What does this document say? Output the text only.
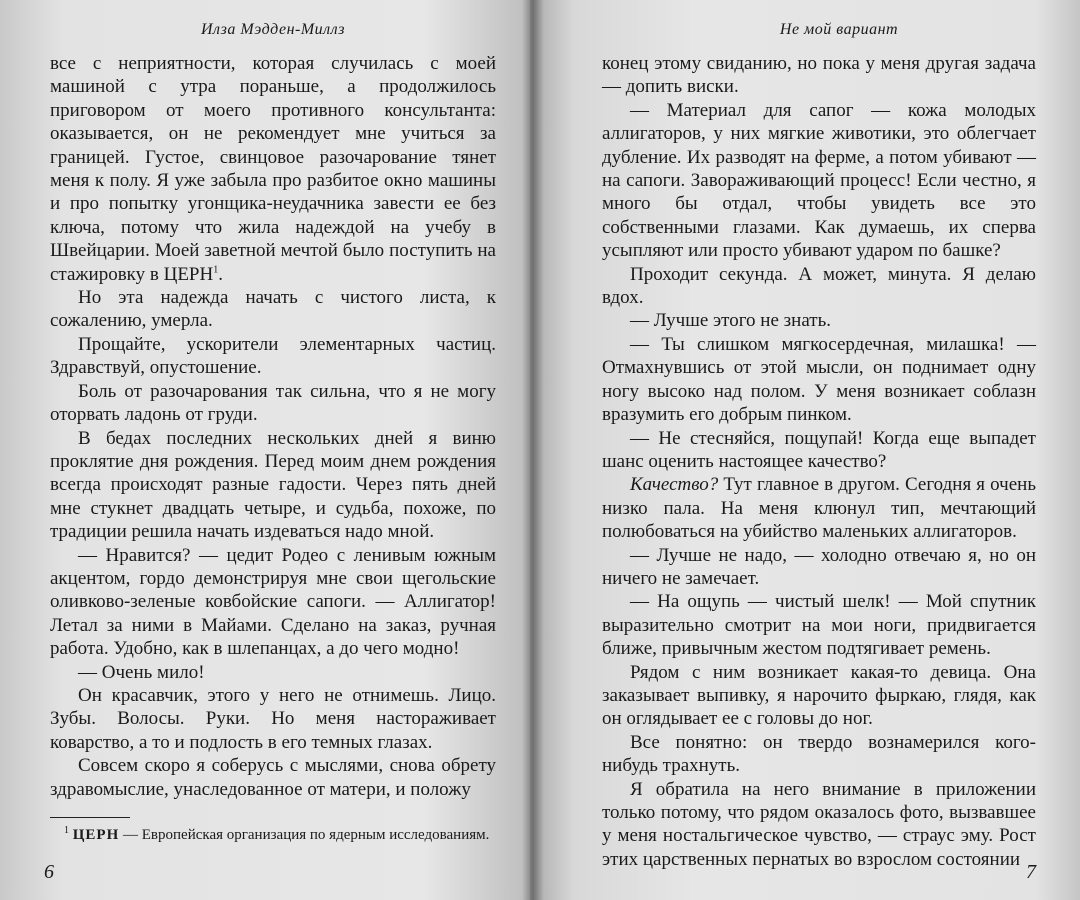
Илза Мэдден-Миллз

все с неприятности, которая случилась с моей машиной с утра пораньше, а продолжилось приговором от моего противного консультанта: оказывается, он не рекомендует мне учиться за границей. Густое, свинцовое разочарование тянет меня к полу. Я уже забыла про разбитое окно машины и про попытку угонщика-неудачника завести ее без ключа, потому что жила надеждой на учебу в Швейцарии. Моей заветной мечтой было поступить на стажировку в ЦЕРН$^1$.

Но эта надежда начать с чистого листа, к сожалению, умерла.

Прощайте, ускорители элементарных частиц. Здравствуй, опустошение.

Боль от разочарования так сильна, что я не могу оторвать ладонь от груди.

В бедах последних нескольких дней я виню проклятие дня рождения. Перед моим днем рождения всегда происходят разные гадости. Через пять дней мне стукнет двадцать четыре, и судьба, похоже, по традиции решила начать издеваться надо мной.

— Нравится? — цедит Родео с ленивым южным акцентом, гордо демонстрируя мне свои щегольские оливково-зеленые ковбойские сапоги. — Аллигатор! Летал за ними в Майами. Сделано на заказ, ручная работа. Удобно, как в шлепанцах, а до чего модно!

— Очень мило!

Он красавчик, этого у него не отнимешь. Лицо. Зубы. Волосы. Руки. Но меня настораживает коварство, а то и подлость в его темных глазах.

Совсем скоро я соберусь с мыслями, снова обрету здравомыслие, унаследованное от матери, и положу

$^1$ ЦЕРН — Европейская организация по ядерным исследованиям.
6
Не мой вариант

конец этому свиданию, но пока у меня другая задача — допить виски.

— Материал для сапог — кожа молодых аллигаторов, у них мягкие животики, это облегчает дубление. Их разводят на ферме, а потом убивают — на сапоги. Завораживающий процесс! Если честно, я много бы отдал, чтобы увидеть все это собственными глазами. Как думаешь, их сперва усыпляют или просто убивают ударом по башке?

Проходит секунда. А может, минута. Я делаю вдох.

— Лучше этого не знать.

— Ты слишком мягкосердечная, милашка! — Отмахнувшись от этой мысли, он поднимает одну ногу высоко над полом. У меня возникает соблазн вразумить его добрым пинком.

— Не стесняйся, пощупай! Когда еще выпадет шанс оценить настоящее качество?

Качество? Тут главное в другом. Сегодня я очень низко пала. На меня клюнул тип, мечтающий полюбоваться на убийство маленьких аллигаторов.

— Лучше не надо, — холодно отвечаю я, но он ничего не замечает.

— На ощупь — чистый шелк! — Мой спутник выразительно смотрит на мои ноги, придвигается ближе, привычным жестом подтягивает ремень.

Рядом с ним возникает какая-то девица. Она заказывает выпивку, я нарочито фыркаю, глядя, как он оглядывает ее с головы до ног.

Все понятно: он твердо вознамерился кого-нибудь трахнуть.

Я обратила на него внимание в приложении только потому, что рядом оказалось фото, вызвавшее у меня ностальгическое чувство, — страус эму. Рост этих царственных пернатых во взрослом состоянии

7
